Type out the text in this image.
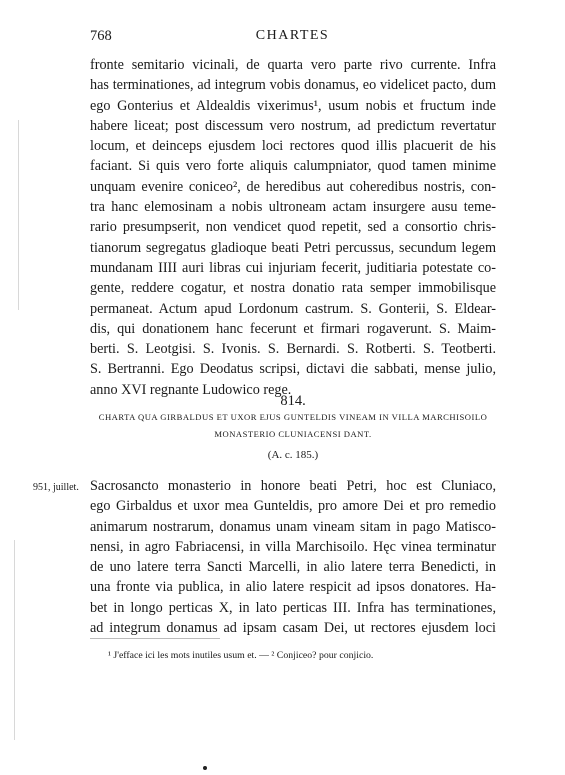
768	CHARTES
fronte semitario vicinali, de quarta vero parte rivo currente. Infra
has terminationes, ad integrum vobis donamus, eo videlicet pacto, dum
ego Gonterius et Aldealdis vixerimus¹, usum nobis et fructum inde
habere liceat; post discessum vero nostrum, ad predictum revertatur
locum, et deinceps ejusdem loci rectores quod illis placuerit de his
faciant. Si quis vero forte aliquis calumpniator, quod tamen minime
unquam evenire coniceo², de heredibus aut coheredibus nostris, con-
tra hanc elemosinam a nobis ultroneam actam insurgere ausu teme-
rario presumpserit, non vendicet quod repetit, sed a consortio chris-
tianorum segregatus gladioque beati Petri percussus, secundum legem
mundanam IIII auri libras cui injuriam fecerit, juditiaria potestate co-
gente, reddere cogatur, et nostra donatio rata semper immobilisque
permaneat. Actum apud Lordonum castrum. S. Gonterii, S. Eldear-
dis, qui donationem hanc fecerunt et firmari rogaverunt. S. Maim-
berti. S. Leotgisi. S. Ivonis. S. Bernardi. S. Rotberti. S. Teotberti.
S. Bertranni. Ego Deodatus scripsi, dictavi die sabbati, mense julio,
anno XVI regnante Ludowico rege.
814.
CHARTA QUA GIRBALDUS ET UXOR EJUS GUNTELDIS VINEAM IN VILLA MARCHISOILO
MONASTERIO CLUNIACENSI DANT.
(A. c. 185.)
951, juillet. Sacrosancto monasterio in honore beati Petri, hoc est Cluniaco,
ego Girbaldus et uxor mea Gunteldis, pro amore Dei et pro remedio
animarum nostrarum, donamus unam vineam sitam in pago Matisco-
nensi, in agro Fabriacensi, in villa Marchisoilo. Hęc vinea terminatur
de uno latere terra Sancti Marcelli, in alio latere terra Benedicti, in
una fronte via publica, in alio latere respicit ad ipsos donatores. Ha-
bet in longo perticas X, in lato perticas III. Infra has terminationes,
ad integrum donamus ad ipsam casam Dei, ut rectores ejusdem loci
¹ J'efface ici les mots inutiles usum et. — ² Conjiceo? pour conjicio.
